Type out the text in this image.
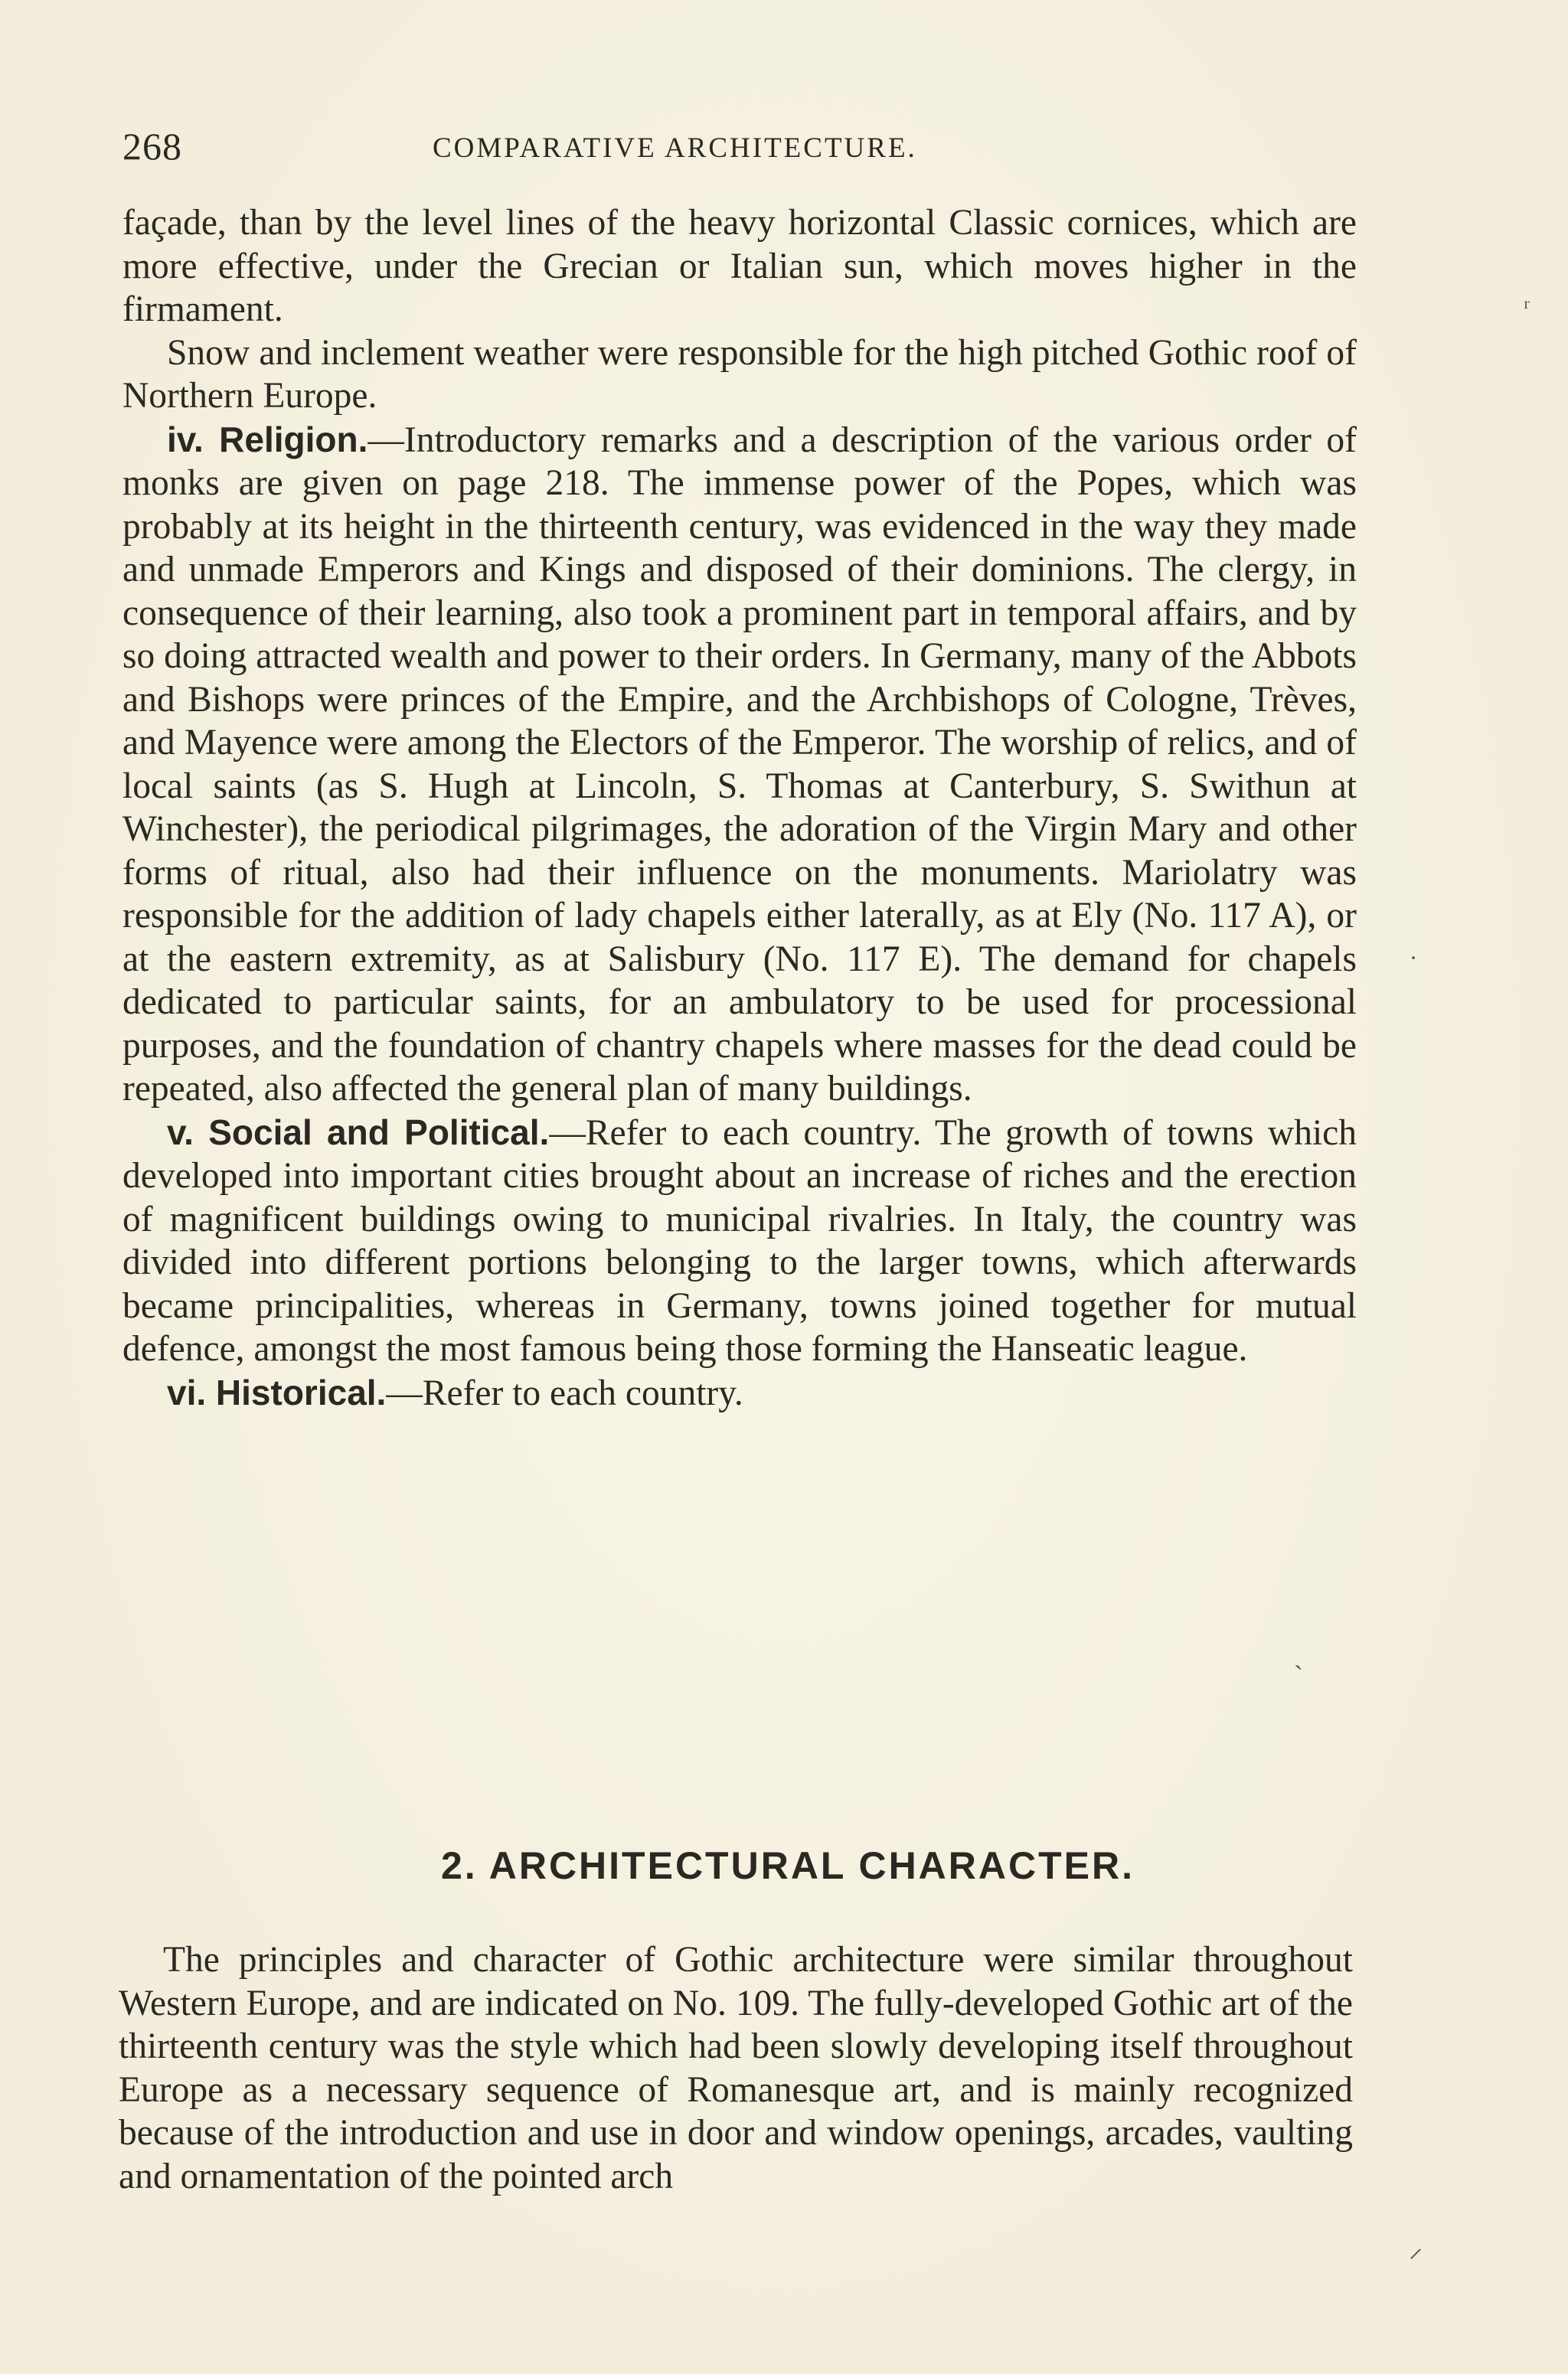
268	COMPARATIVE ARCHITECTURE.

façade, than by the level lines of the heavy horizontal Classic cornices, which are more effective, under the Grecian or Italian sun, which moves higher in the firmament.

Snow and inclement weather were responsible for the high pitched Gothic roof of Northern Europe.

iv. Religion.—Introductory remarks and a description of the various order of monks are given on page 218. The immense power of the Popes, which was probably at its height in the thirteenth century, was evidenced in the way they made and unmade Emperors and Kings and disposed of their dominions. The clergy, in consequence of their learning, also took a prominent part in temporal affairs, and by so doing attracted wealth and power to their orders. In Germany, many of the Abbots and Bishops were princes of the Empire, and the Archbishops of Cologne, Trèves, and Mayence were among the Electors of the Emperor. The worship of relics, and of local saints (as S. Hugh at Lincoln, S. Thomas at Canterbury, S. Swithun at Winchester), the periodical pilgrimages, the adoration of the Virgin Mary and other forms of ritual, also had their influence on the monuments. Mariolatry was responsible for the addition of lady chapels either laterally, as at Ely (No. 117 A), or at the eastern extremity, as at Salisbury (No. 117 E). The demand for chapels dedicated to particular saints, for an ambulatory to be used for processional purposes, and the foundation of chantry chapels where masses for the dead could be repeated, also affected the general plan of many buildings.

v. Social and Political.—Refer to each country. The growth of towns which developed into important cities brought about an increase of riches and the erection of magnificent buildings owing to municipal rivalries. In Italy, the country was divided into different portions belonging to the larger towns, which afterwards became principalities, whereas in Germany, towns joined together for mutual defence, amongst the most famous being those forming the Hanseatic league.

vi. Historical.—Refer to each country.

2. ARCHITECTURAL CHARACTER.

The principles and character of Gothic architecture were similar throughout Western Europe, and are indicated on No. 109. The fully-developed Gothic art of the thirteenth century was the style which had been slowly developing itself throughout Europe as a necessary sequence of Romanesque art, and is mainly recognized because of the introduction and use in door and window openings, arcades, vaulting and ornamentation of the pointed arch

ʳ
˙
ˎ
⸝
